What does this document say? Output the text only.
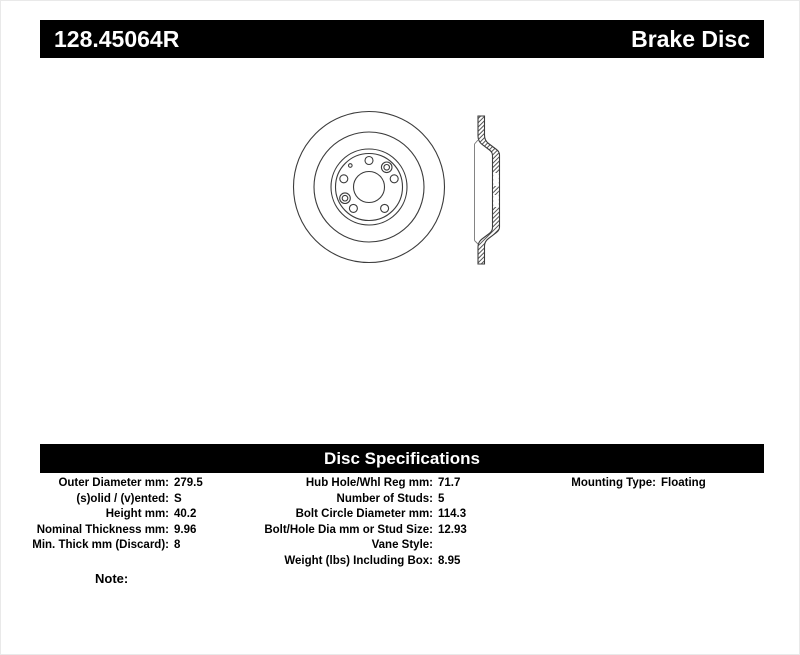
128.45064R	Brake Disc
Disc Specifications
Outer Diameter mm: 279.5
(s)olid / (v)ented: S
Height mm: 40.2
Nominal Thickness mm: 9.96
Min. Thick mm (Discard): 8
Hub Hole/Whl Reg mm: 71.7
Number of Studs: 5
Bolt Circle Diameter mm: 114.3
Bolt/Hole Dia mm or Stud Size: 12.93
Vane Style:
Weight (lbs) Including Box: 8.95
Mounting Type: Floating
Note:
